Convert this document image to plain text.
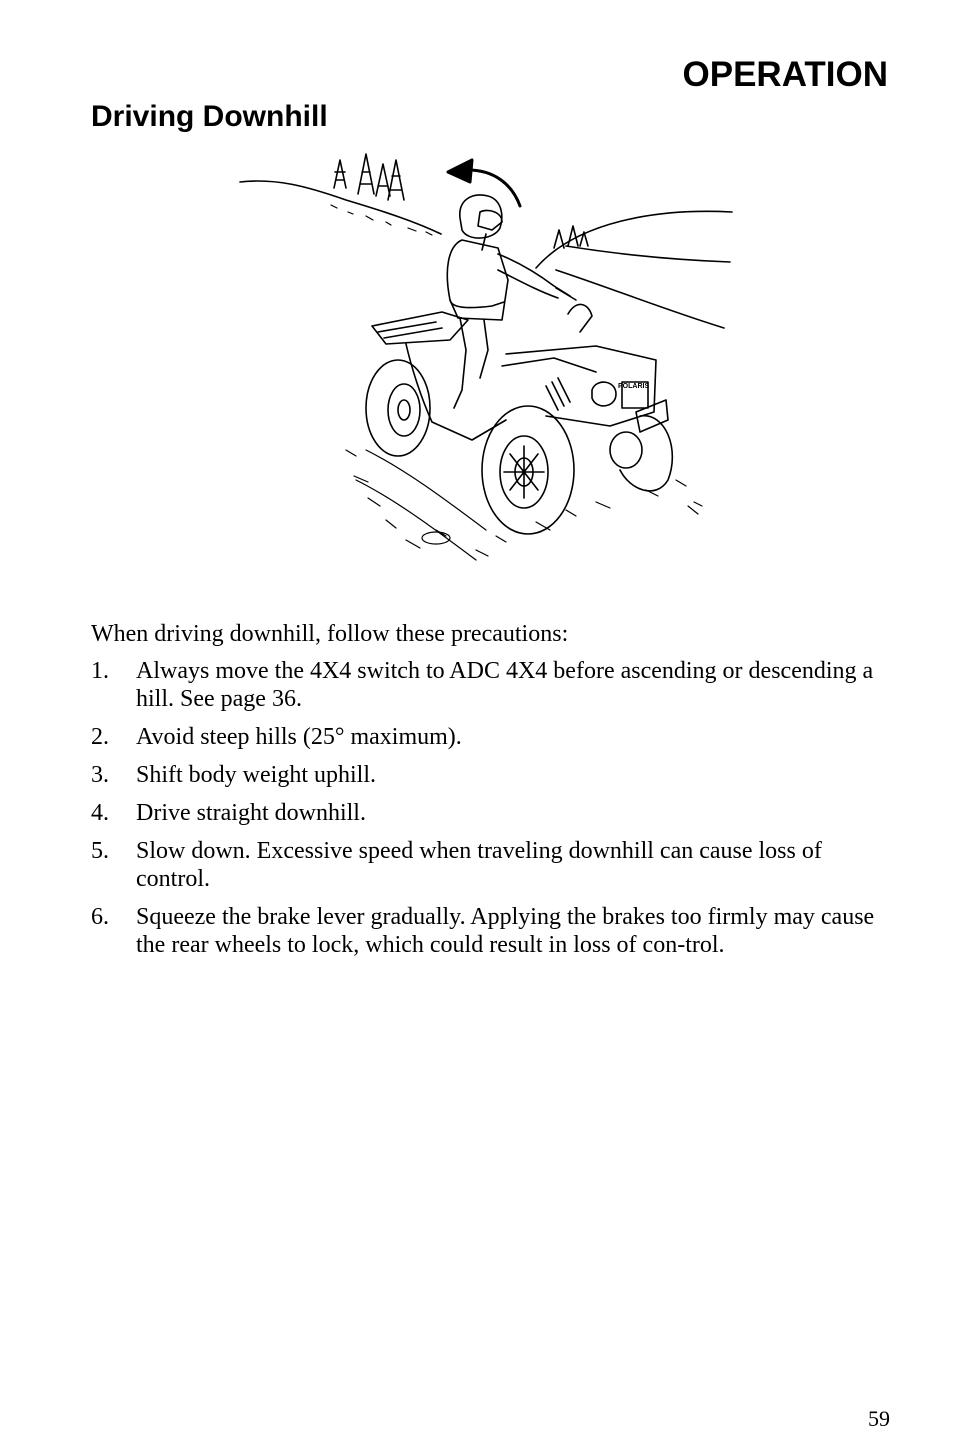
OPERATION
Driving Downhill
POLARIS

When driving downhill, follow these precautions:

1. Always move the 4X4 switch to ADC 4X4 before ascending or descending a hill. See page 36.
2. Avoid steep hills (25° maximum).
3. Shift body weight uphill.
4. Drive straight downhill.
5. Slow down. Excessive speed when traveling downhill can cause loss of control.
6. Squeeze the brake lever gradually. Applying the brakes too firmly may cause the rear wheels to lock, which could result in loss of con-trol.

59
